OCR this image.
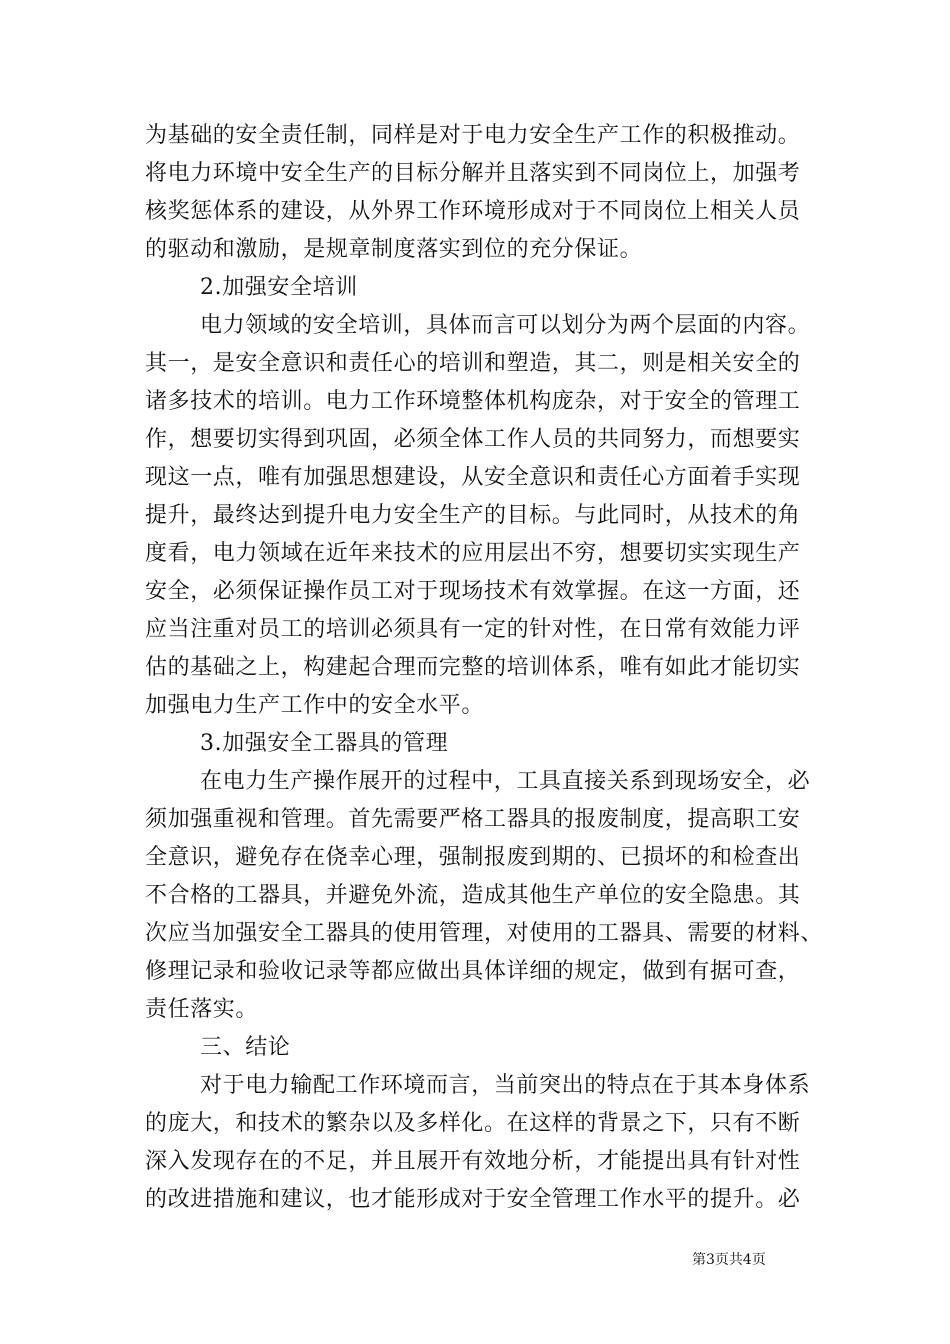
为基础的安全责任制，同样是对于电力安全生产工作的积极推动。
将电力环境中安全生产的目标分解并且落实到不同岗位上，加强考
核奖惩体系的建设，从外界工作环境形成对于不同岗位上相关人员
的驱动和激励，是规章制度落实到位的充分保证。
2.加强安全培训
电力领域的安全培训，具体而言可以划分为两个层面的内容。
其一，是安全意识和责任心的培训和塑造，其二，则是相关安全的
诸多技术的培训。电力工作环境整体机构庞杂，对于安全的管理工
作，想要切实得到巩固，必须全体工作人员的共同努力，而想要实
现这一点，唯有加强思想建设，从安全意识和责任心方面着手实现
提升，最终达到提升电力安全生产的目标。与此同时，从技术的角
度看，电力领域在近年来技术的应用层出不穷，想要切实实现生产
安全，必须保证操作员工对于现场技术有效掌握。在这一方面，还
应当注重对员工的培训必须具有一定的针对性，在日常有效能力评
估的基础之上，构建起合理而完整的培训体系，唯有如此才能切实
加强电力生产工作中的安全水平。
3.加强安全工器具的管理
在电力生产操作展开的过程中，工具直接关系到现场安全，必
须加强重视和管理。首先需要严格工器具的报废制度，提高职工安
全意识，避免存在侥幸心理，强制报废到期的、已损坏的和检查出
不合格的工器具，并避免外流，造成其他生产单位的安全隐患。其
次应当加强安全工器具的使用管理，对使用的工器具、需要的材料、
修理记录和验收记录等都应做出具体详细的规定，做到有据可查，
责任落实。
三、结论
对于电力输配工作环境而言，当前突出的特点在于其本身体系
的庞大，和技术的繁杂以及多样化。在这样的背景之下，只有不断
深入发现存在的不足，并且展开有效地分析，才能提出具有针对性
的改进措施和建议，也才能形成对于安全管理工作水平的提升。必
第3页共4页
